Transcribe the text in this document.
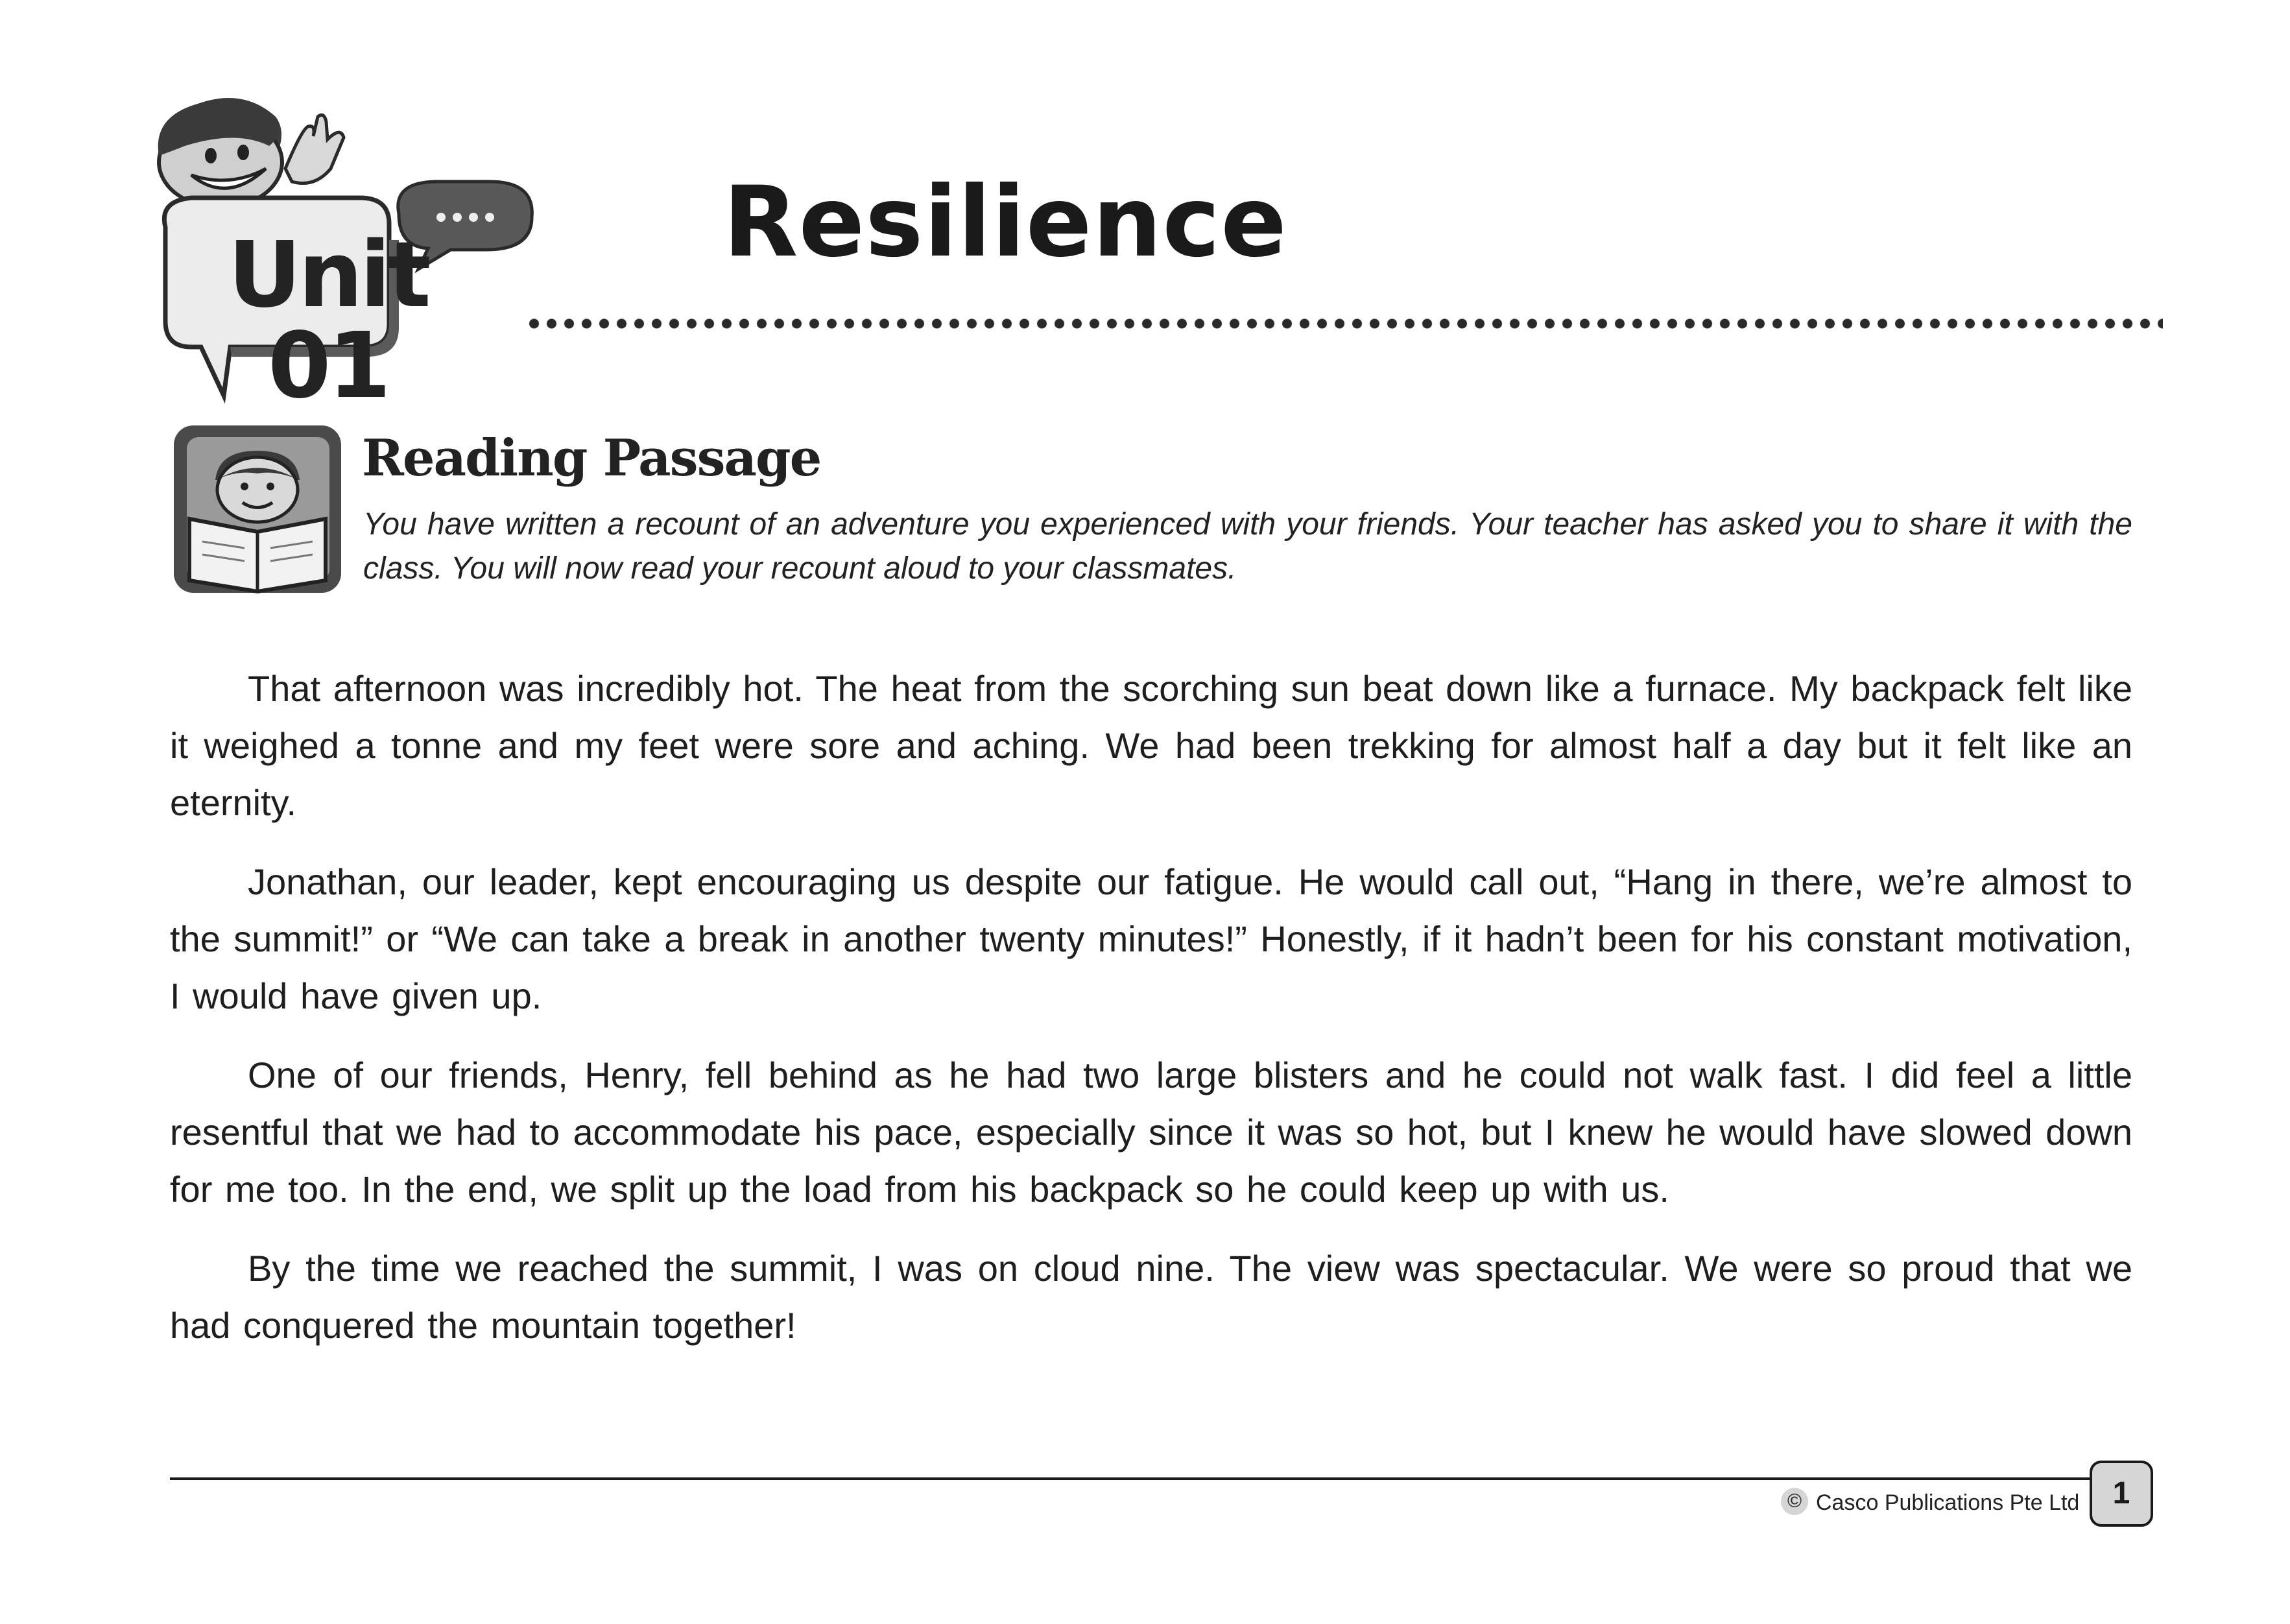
Unit 01
Resilience
Reading Passage
You have written a recount of an adventure you experienced with your friends. Your teacher has asked you to share it with the class. You will now read your recount aloud to your classmates.

That afternoon was incredibly hot. The heat from the scorching sun beat down like a furnace. My backpack felt like it weighed a tonne and my feet were sore and aching. We had been trekking for almost half a day but it felt like an eternity.

Jonathan, our leader, kept encouraging us despite our fatigue. He would call out, “Hang in there, we’re almost to the summit!” or “We can take a break in another twenty minutes!” Honestly, if it hadn’t been for his constant motivation, I would have given up.

One of our friends, Henry, fell behind as he had two large blisters and he could not walk fast. I did feel a little resentful that we had to accommodate his pace, especially since it was so hot, but I knew he would have slowed down for me too. In the end, we split up the load from his backpack so he could keep up with us.

By the time we reached the summit, I was on cloud nine. The view was spectacular. We were so proud that we had conquered the mountain together!

© Casco Publications Pte Ltd	1
